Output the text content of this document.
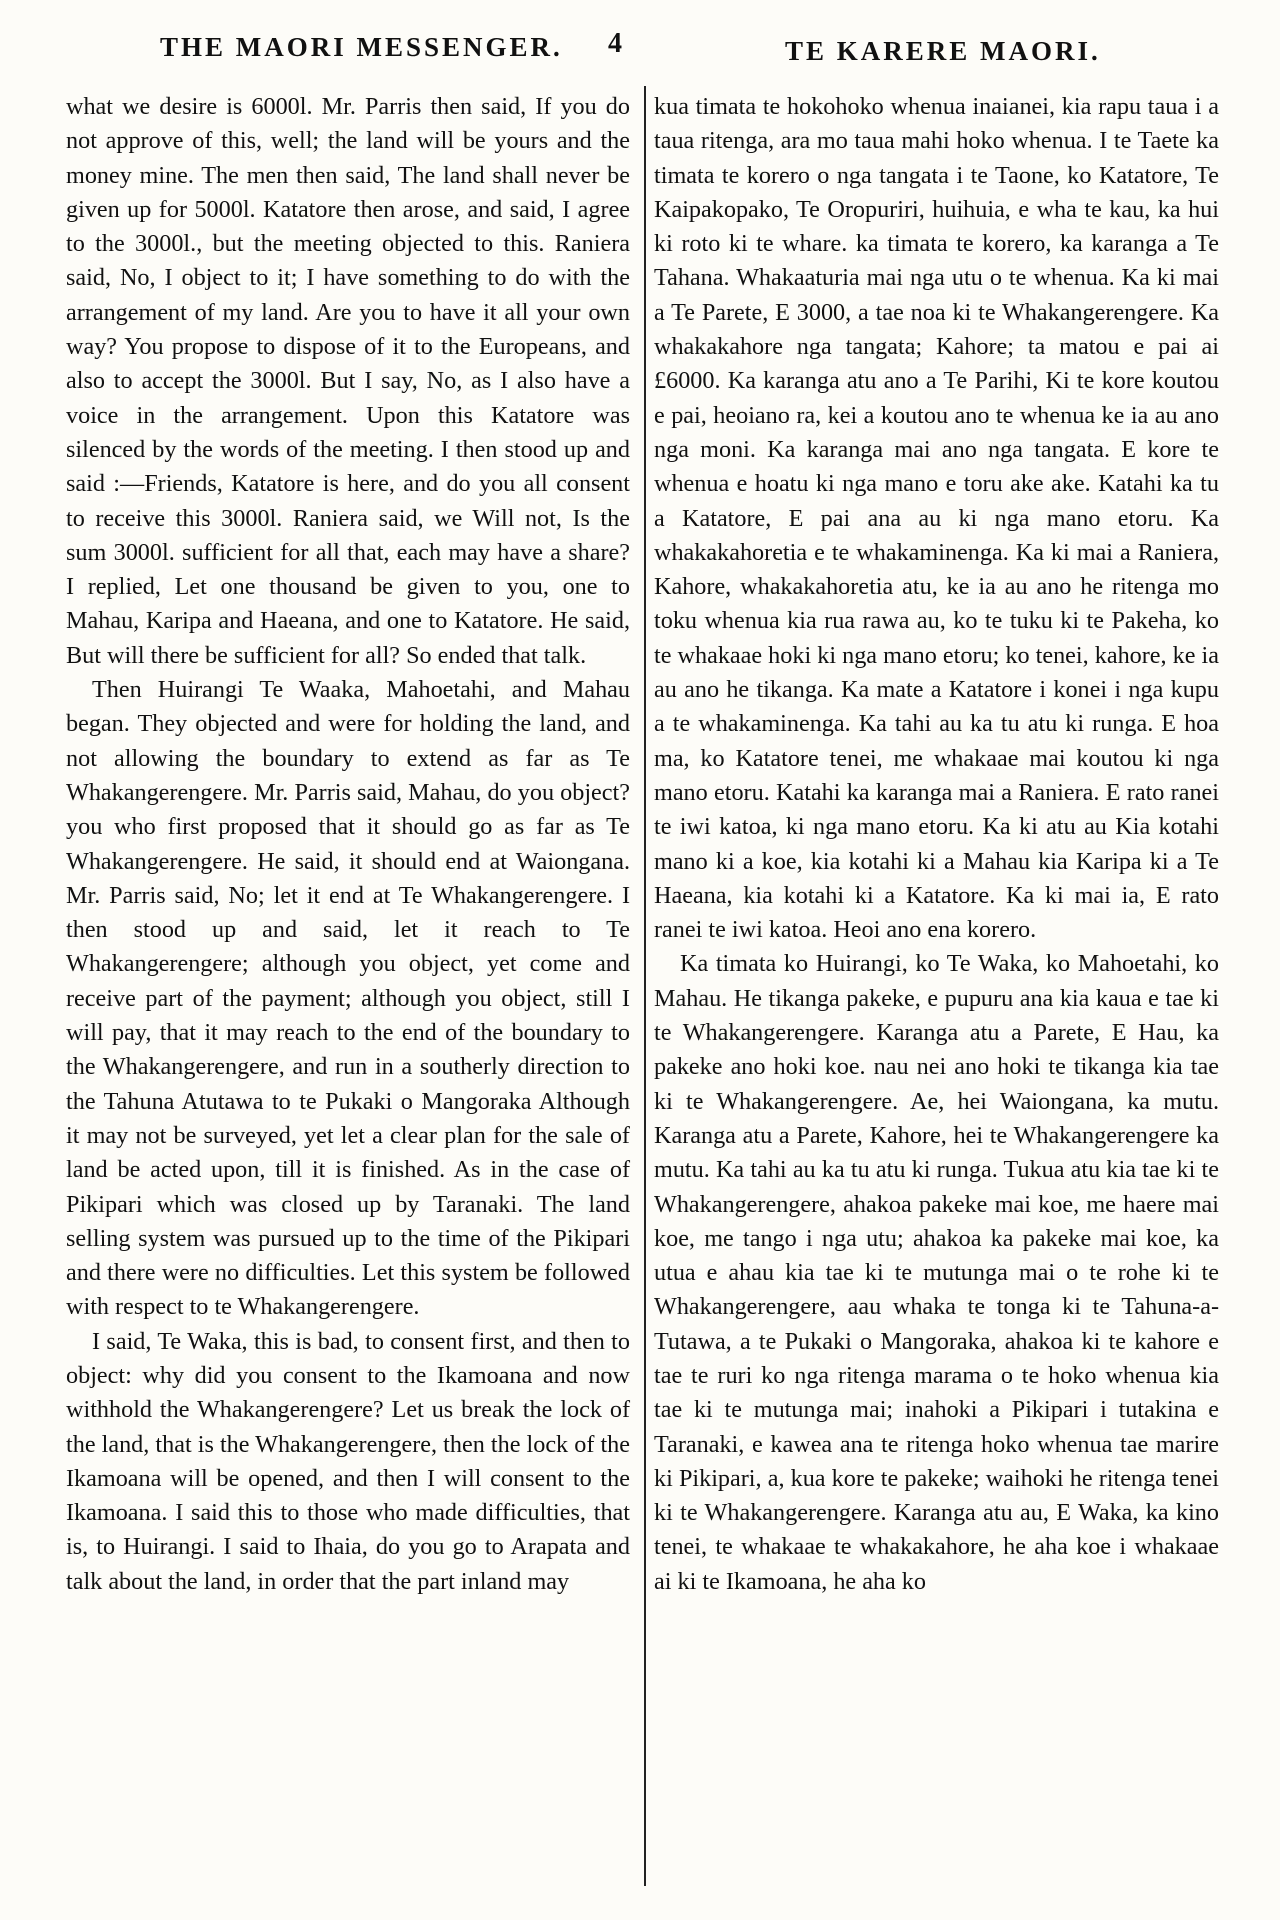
THE MAORI MESSENGER. 4	TE KARERE MAORI.

what we desire is 6000l. Mr. Parris then said, If you do not approve of this, well; the land will be yours and the money mine. The men then said, The land shall never be given up for 5000l. Katatore then arose, and said, I agree to the 3000l., but the meeting objected to this. Raniera said, No, I object to it; I have something to do with the arrangement of my land. Are you to have it all your own way? You propose to dispose of it to the Europeans, and also to accept the 3000l. But I say, No, as I also have a voice in the arrangement. Upon this Katatore was silenced by the words of the meeting. I then stood up and said :—Friends, Katatore is here, and do you all consent to receive this 3000l. Raniera said, we Will not, Is the sum 3000l. sufficient for all that, each may have a share? I replied, Let one thousand be given to you, one to Mahau, Karipa and Haeana, and one to Katatore. He said, But will there be sufficient for all? So ended that talk.

Then Huirangi Te Waaka, Mahoetahi, and Mahau began. They objected and were for holding the land, and not allowing the boundary to extend as far as Te Whakangerengere. Mr. Parris said, Mahau, do you object? you who first proposed that it should go as far as Te Whakangerengere. He said, it should end at Waiongana. Mr. Parris said, No; let it end at Te Whakangerengere. I then stood up and said, let it reach to Te Whakangerengere; although you object, yet come and receive part of the payment; although you object, still I will pay, that it may reach to the end of the boundary to the Whakangerengere, and run in a southerly direction to the Tahuna Atutawa to te Pukaki o Mangoraka Although it may not be surveyed, yet let a clear plan for the sale of land be acted upon, till it is finished. As in the case of Pikipari which was closed up by Taranaki. The land selling system was pursued up to the time of the Pikipari and there were no difficulties. Let this system be followed with respect to te Whakangerengere.

I said, Te Waka, this is bad, to consent first, and then to object: why did you consent to the Ikamoana and now withhold the Whakangerengere? Let us break the lock of the land, that is the Whakangerengere, then the lock of the Ikamoana will be opened, and then I will consent to the Ikamoana. I said this to those who made difficulties, that is, to Huirangi. I said to Ihaia, do you go to Arapata and talk about the land, in order that the part inland may

kua timata te hokohoko whenua inaianei, kia rapu taua i a taua ritenga, ara mo taua mahi hoko whenua. I te Taete ka timata te korero o nga tangata i te Taone, ko Katatore, Te Kaipakopako, Te Oropuriri, huihuia, e wha te kau, ka hui ki roto ki te whare. ka timata te korero, ka karanga a Te Tahana. Whakaaturia mai nga utu o te whenua. Ka ki mai a Te Parete, E 3000, a tae noa ki te Whakangerengere. Ka whakakahore nga tangata; Kahore; ta matou e pai ai £6000. Ka karanga atu ano a Te Parihi, Ki te kore koutou e pai, heoiano ra, kei a koutou ano te whenua ke ia au ano nga moni. Ka karanga mai ano nga tangata. E kore te whenua e hoatu ki nga mano e toru ake ake. Katahi ka tu a Katatore, E pai ana au ki nga mano etoru. Ka whakakahoretia e te whakaminenga. Ka ki mai a Raniera, Kahore, whakakahoretia atu, ke ia au ano he ritenga mo toku whenua kia rua rawa au, ko te tuku ki te Pakeha, ko te whakaae hoki ki nga mano etoru; ko tenei, kahore, ke ia au ano he tikanga. Ka mate a Katatore i konei i nga kupu a te whakaminenga. Ka tahi au ka tu atu ki runga. E hoa ma, ko Katatore tenei, me whakaae mai koutou ki nga mano etoru. Katahi ka karanga mai a Raniera. E rato ranei te iwi katoa, ki nga mano etoru. Ka ki atu au Kia kotahi mano ki a koe, kia kotahi ki a Mahau kia Karipa ki a Te Haeana, kia kotahi ki a Katatore. Ka ki mai ia, E rato ranei te iwi katoa. Heoi ano ena korero.

Ka timata ko Huirangi, ko Te Waka, ko Mahoetahi, ko Mahau. He tikanga pakeke, e pupuru ana kia kaua e tae ki te Whakangerengere. Karanga atu a Parete, E Hau, ka pakeke ano hoki koe. nau nei ano hoki te tikanga kia tae ki te Whakangerengere. Ae, hei Waiongana, ka mutu. Karanga atu a Parete, Kahore, hei te Whakangerengere ka mutu. Ka tahi au ka tu atu ki runga. Tukua atu kia tae ki te Whakangerengere, ahakoa pakeke mai koe, me haere mai koe, me tango i nga utu; ahakoa ka pakeke mai koe, ka utua e ahau kia tae ki te mutunga mai o te rohe ki te Whakangerengere, aau whaka te tonga ki te Tahuna-a-Tutawa, a te Pukaki o Mangoraka, ahakoa ki te kahore e tae te ruri ko nga ritenga marama o te hoko whenua kia tae ki te mutunga mai; inahoki a Pikipari i tutakina e Taranaki, e kawea ana te ritenga hoko whenua tae marire ki Pikipari, a, kua kore te pakeke; waihoki he ritenga tenei ki te Whakangerengere. Karanga atu au, E Waka, ka kino tenei, te whakaae te whakakahore, he aha koe i whakaae ai ki te Ikamoana, he aha ko
